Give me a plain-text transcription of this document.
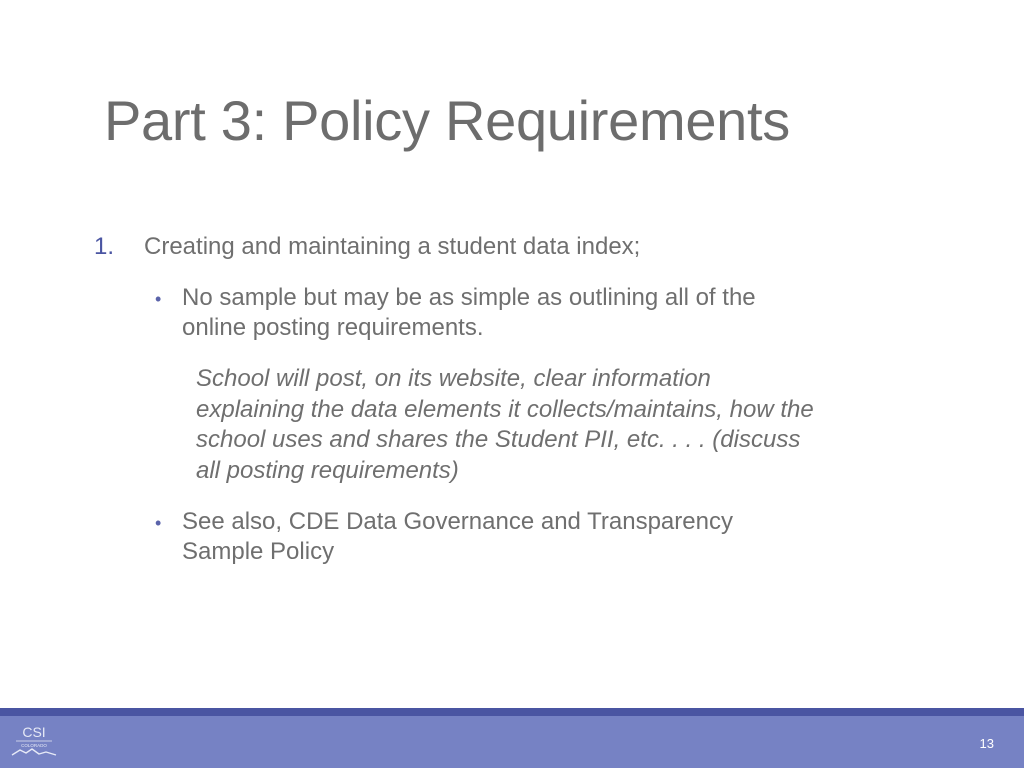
Part 3: Policy Requirements
1. Creating and maintaining a student data index;
• No sample but may be as simple as outlining all of the
online posting requirements.
School will post, on its website, clear information
explaining the data elements it collects/maintains, how the
school uses and shares the Student PII, etc. . . . (discuss
all posting requirements)
• See also, CDE Data Governance and Transparency
Sample Policy
CSI
COLORADO	13
